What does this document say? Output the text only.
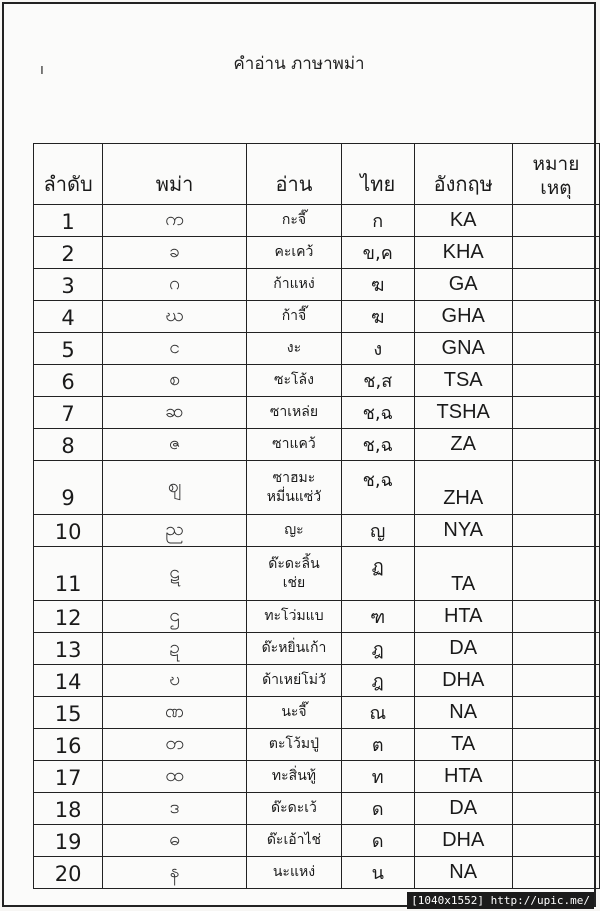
ı	คำอ่าน ภาษาพม่า
ลำดับ	พม่า	อ่าน	ไทย	อังกฤษ	หมาย
เหตุ
1	က	กะจี๊	ก	KA	
2	ခ	คะเคว้	ข,ค	KHA	
3	ဂ	ก้าแหง่	ฆ	GA	
4	ဃ	ก้าจี๊	ฆ	GHA	
5	င	งะ	ง	GNA	
6	စ	ซะโล้ง	ช,ส	TSA	
7	ဆ	ซาเหล่ย	ช,ฉ	TSHA	
8	ဇ	ซาแคว้	ช,ฉ	ZA	
9	ဈ	ซาฮมะ
หมี่นแซ่วั	ช,ฉ	ZHA	
10	ည	ญะ	ญ	NYA	
11	ဋ	ด๊ะดะลิ้น
เช่ย	ฏ	TA	
12	ဌ	ทะโว่มแบ	ฑ	HTA	
13	ဍ	ด๊ะหยิ่นเก้า	ฎ	DA	
14	ဎ	ด้าเหย่โม่วั	ฎ	DHA	
15	ဏ	นะจี๊	ณ	NA	
16	တ	ตะโว้มปู่	ต	TA	
17	ထ	ทะสิ่นทู้	ท	HTA	
18	ဒ	ด๊ะดะเว้	ด	DA	
19	ဓ	ด๊ะเอ้าไช่	ด	DHA	
20	န	นะแหง่	น	NA	
[1040x1552] http://upic.me/
